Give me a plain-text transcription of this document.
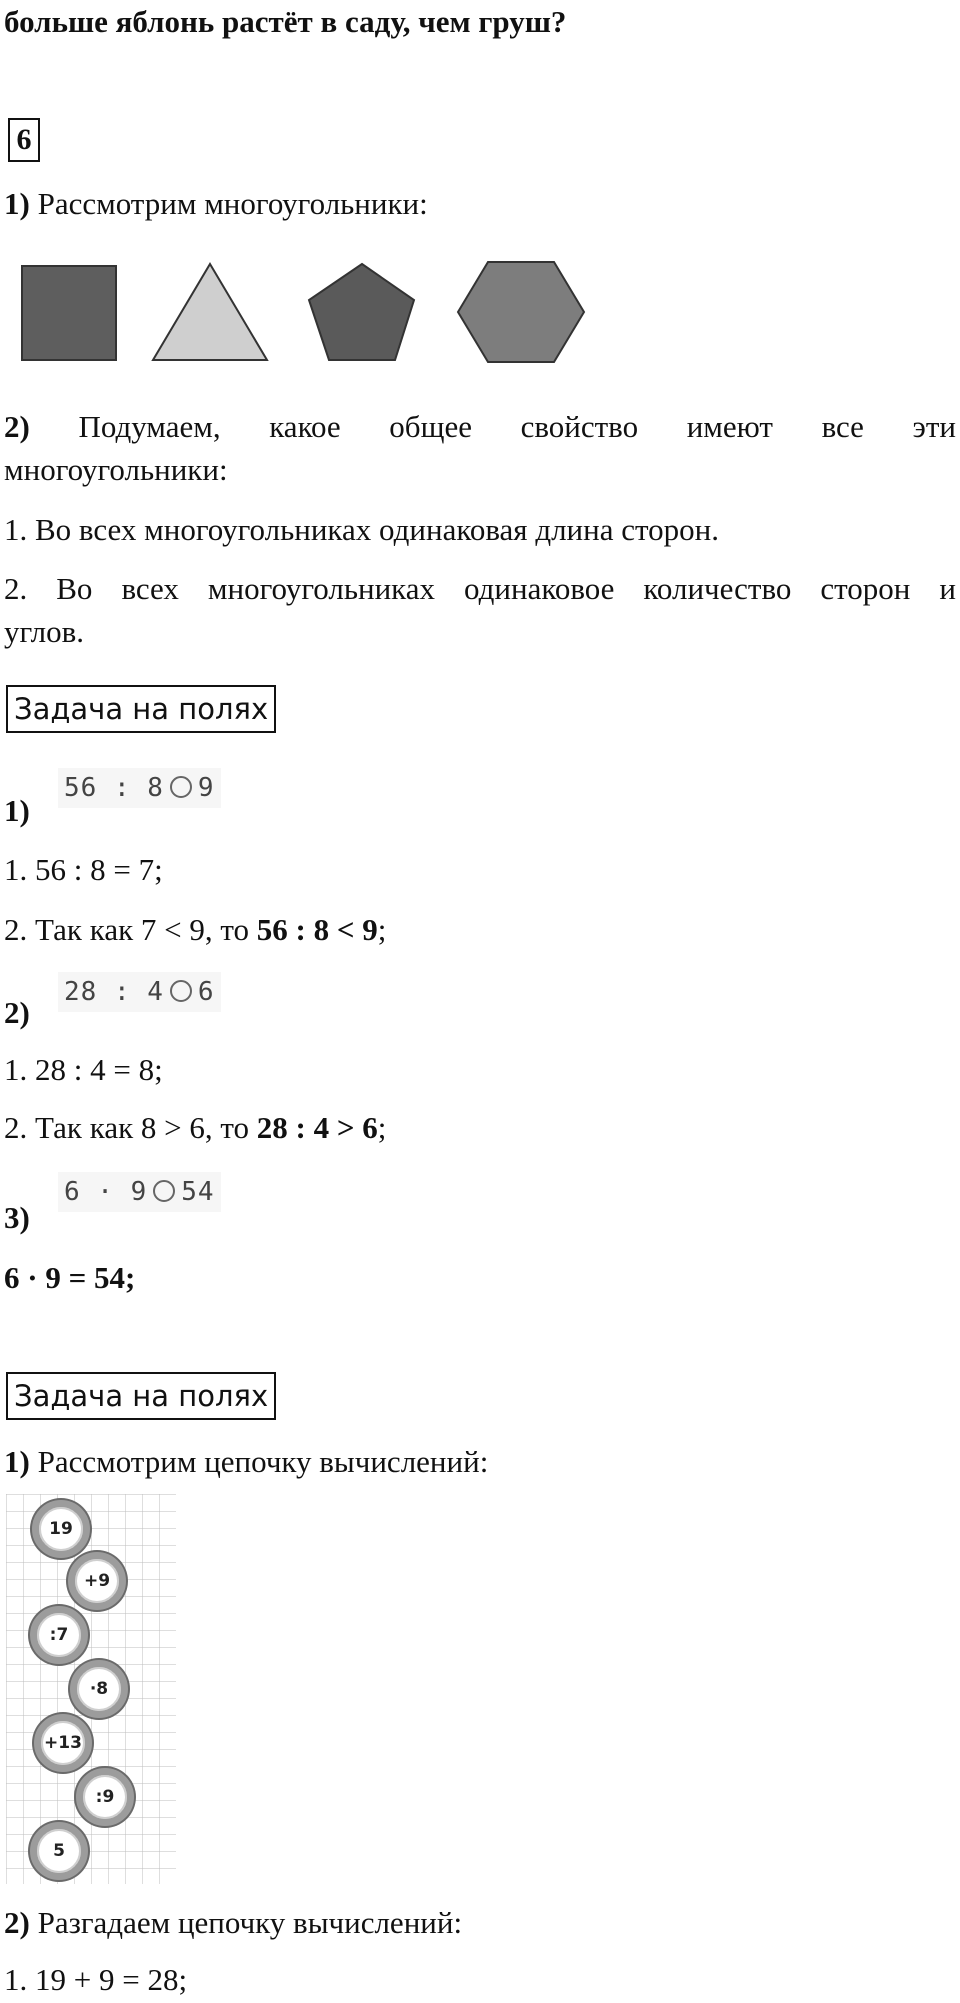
больше яблонь растёт в саду, чем груш?
6
1) Рассмотрим многоугольники:
2) Подумаем, какое общее свойство имеют все эти
многоугольники:
1. Во всех многоугольниках одинаковая длина сторон.
2. Во всех многоугольниках одинаковое количество сторон и
углов.
Задача на полях
56 : 8 9
1)
1. 56 : 8 = 7;
2. Так как 7 < 9, то 56 : 8 < 9;
28 : 4 6
2)
1. 28 : 4 = 8;
2. Так как 8 > 6, то 28 : 4 > 6;
6 · 9 54
3)
6 · 9 = 54;
Задача на полях
1) Рассмотрим цепочку вычислений:
19
+9
:7
·8
+13
:9
5
2) Разгадаем цепочку вычислений:
1. 19 + 9 = 28;
